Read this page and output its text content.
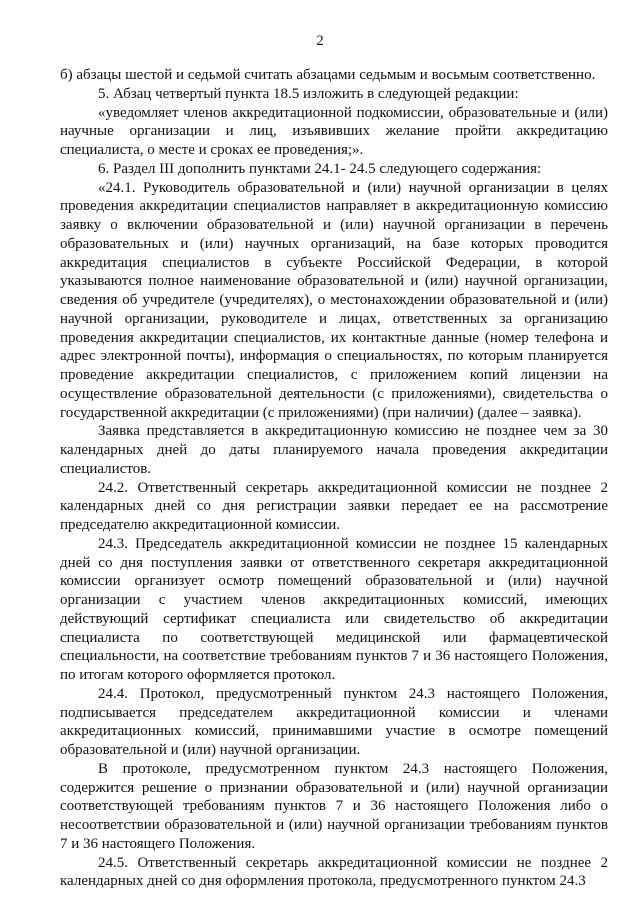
2

б) абзацы шестой и седьмой считать абзацами седьмым и восьмым соответственно.

5. Абзац четвертый пункта 18.5 изложить в следующей редакции:

«уведомляет членов аккредитационной подкомиссии, образовательные и (или) научные организации и лиц, изъявивших желание пройти аккредитацию специалиста, о месте и сроках ее проведения;».

6. Раздел III дополнить пунктами 24.1- 24.5 следующего содержания:

«24.1. Руководитель образовательной и (или) научной организации в целях проведения аккредитации специалистов направляет в аккредитационную комиссию заявку о включении образовательной и (или) научной организации в перечень образовательных и (или) научных организаций, на базе которых проводится аккредитация специалистов в субъекте Российской Федерации, в которой указываются полное наименование образовательной и (или) научной организации, сведения об учредителе (учредителях), о местонахождении образовательной и (или) научной организации, руководителе и лицах, ответственных за организацию проведения аккредитации специалистов, их контактные данные (номер телефона и адрес электронной почты), информация о специальностях, по которым планируется проведение аккредитации специалистов, с приложением копий лицензии на осуществление образовательной деятельности (с приложениями), свидетельства о государственной аккредитации (с приложениями) (при наличии) (далее – заявка).

Заявка представляется в аккредитационную комиссию не позднее чем за 30 календарных дней до даты планируемого начала проведения аккредитации специалистов.

24.2. Ответственный секретарь аккредитационной комиссии не позднее 2 календарных дней со дня регистрации заявки передает ее на рассмотрение председателю аккредитационной комиссии.

24.3. Председатель аккредитационной комиссии не позднее 15 календарных дней со дня поступления заявки от ответственного секретаря аккредитационной комиссии организует осмотр помещений образовательной и (или) научной организации с участием членов аккредитационных комиссий, имеющих действующий сертификат специалиста или свидетельство об аккредитации специалиста по соответствующей медицинской или фармацевтической специальности, на соответствие требованиям пунктов 7 и 36 настоящего Положения, по итогам которого оформляется протокол.

24.4. Протокол, предусмотренный пунктом 24.3 настоящего Положения, подписывается председателем аккредитационной комиссии и членами аккредитационных комиссий, принимавшими участие в осмотре помещений образовательной и (или) научной организации.

В протоколе, предусмотренном пунктом 24.3 настоящего Положения, содержится решение о признании образовательной и (или) научной организации соответствующей требованиям пунктов 7 и 36 настоящего Положения либо о несоответствии образовательной и (или) научной организации требованиям пунктов 7 и 36 настоящего Положения.

24.5. Ответственный секретарь аккредитационной комиссии не позднее 2 календарных дней со дня оформления протокола, предусмотренного пунктом 24.3
